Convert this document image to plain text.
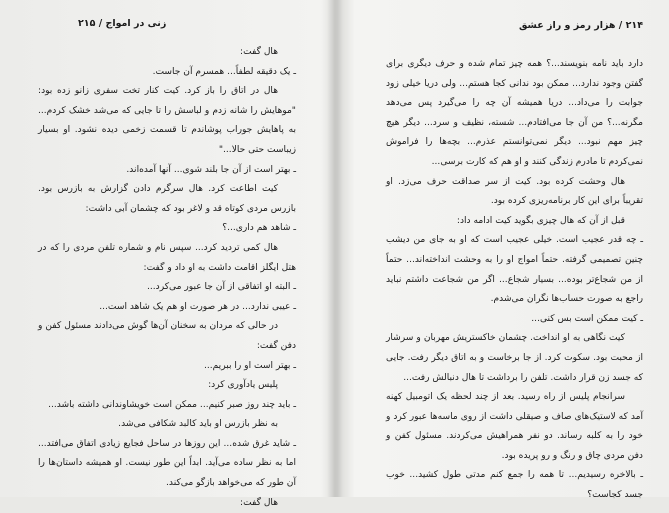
زنی در امواج / ۲۱۵

هال گفت:

ـ یک دقیقه لطفاً... همسرم آن جاست.

هال در اتاق را باز کرد. کیت کنار تخت سفری زانو زده بود: "موهایش را شانه زدم و لباسش را تا جایی که می‌شد خشک کردم... به پاهایش جوراب پوشاندم تا قسمت زخمی دیده نشود. او بسیار زیباست حتی حالا..."

ـ بهتر است از آن جا بلند شوی... آنها آمده‌اند.

کیت اطاعت کرد. هال سرگرم دادن گزارش به بازرس بود. بازرس مردی کوتاه قد و لاغر بود که چشمان آبی داشت:

ـ شاهد هم داری...؟

هال کمی تردید کرد... سپس نام و شماره تلفن مردی را که در هتل ایگلز اقامت داشت به او داد و گفت:

ـ البته او اتفاقی از آن جا عبور می‌کرد...

ـ عیبی ندارد... در هر صورت او هم یک شاهد است...

در حالی که مردان به سخنان آن‌ها گوش می‌دادند مسئول کفن و دفن گفت:

ـ بهتر است او را ببریم...

پلیس یادآوری کرد:

ـ باید چند روز صبر کنیم... ممکن است خویشاوندانی داشته باشد...

به نظر بازرس او باید کالبد شکافی می‌شد.

ـ شاید غرق شده... این روزها در ساحل فجایع زیادی اتفاق می‌افتد... اما به نظر ساده می‌آید. ابداً این طور نیست. او همیشه داستان‌ها را آن طور که می‌خواهد بازگو می‌کند.

هال گفت:

۲۱۴ / هزار رمز و راز عشق

دارد باید نامه بنویسند...؟ همه چیز تمام شده و حرف دیگری برای گفتن وجود ندارد... ممکن بود ندانی کجا هستم... ولی دریا خیلی زود جوابت را می‌داد... دریا همیشه آن چه را می‌گیرد پس می‌دهد مگرنه...؟ من آن جا می‌افتادم... شسته، نظیف و سرد... دیگر هیچ چیز مهم نبود... دیگر نمی‌توانستم عذرم... بچه‌ها را فراموش نمی‌کردم تا مادرم زندگی کنند و او هم که کارت برسی...

هال وحشت کرده بود. کیت از سر صداقت حرف می‌زد. او تقریباً برای این کار برنامه‌ریزی کرده بود.

قبل از آن که هال چیزی بگوید کیت ادامه داد:

ـ چه قدر عجیب است. خیلی عجیب است که او به جای من دیشب چنین تصمیمی گرفته. حتماً امواج او را به وحشت انداخته‌اند... حتماً از من شجاع‌تر بوده... بسیار شجاع... اگر من شجاعت داشتم نباید راجع به صورت حساب‌ها نگران می‌شدم.

ـ کیت ممکن است بس کنی...

کیت نگاهی به او انداخت. چشمان خاکستریش مهربان و سرشار از محبت بود. سکوت کرد. از جا برخاست و به اتاق دیگر رفت. جایی که جسد زن قرار داشت. تلفن را برداشت تا هال دنبالش رفت...

سرانجام پلیس از راه رسید. بعد از چند لحظه یک اتومبیل کهنه آمد که لاستیک‌های صاف و صیقلی داشت از روی ماسه‌ها عبور کرد و خود را به کلبه رساند. دو نفر همراهیش می‌کردند. مسئول کفن و دفن مردی چاق و رنگ و رو پریده بود.

ـ بالاخره رسیدیم... تا همه را جمع کنم مدتی طول کشید... خوب جسد کجاست؟
